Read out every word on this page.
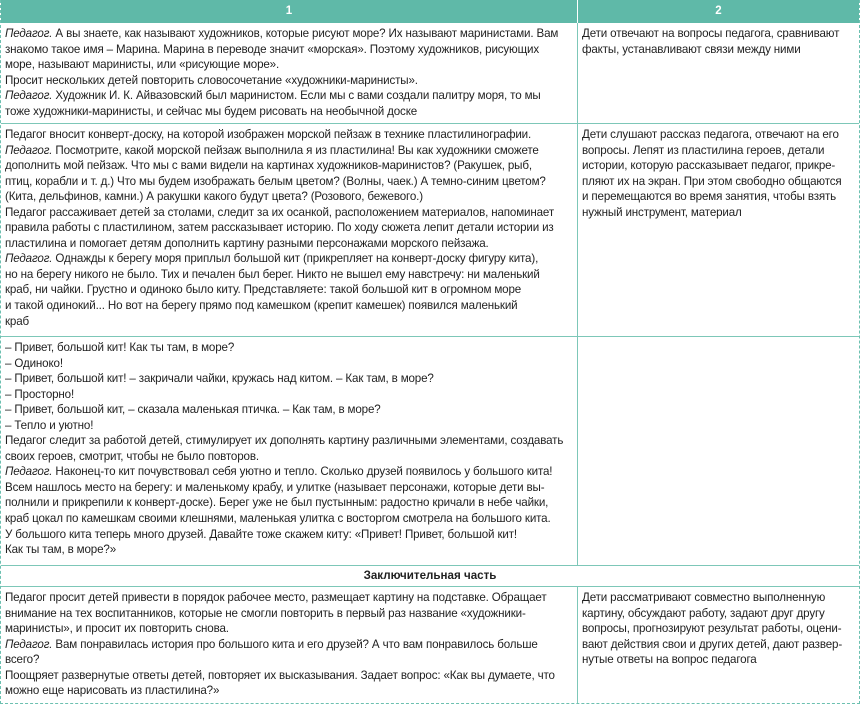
1	2
Педагог. А вы знаете, как называют художников, которые рисуют море? Их называют маринистами. Вам
знакомо такое имя – Марина. Марина в переводе значит «морская». Поэтому художников, рисующих
море, называют маринисты, или «рисующие море».
Просит нескольких детей повторить словосочетание «художники-маринисты».
Педагог. Художник И. К. Айвазовский был маринистом. Если мы с вами создали палитру моря, то мы
тоже художники-маринисты, и сейчас мы будем рисовать на необычной доске
Дети отвечают на вопросы педагога, сравнивают
факты, устанавливают связи между ними
Педагог вносит конверт-доску, на которой изображен морской пейзаж в технике пластилинографии.
Педагог. Посмотрите, какой морской пейзаж выполнила я из пластилина! Вы как художники сможете
дополнить мой пейзаж. Что мы с вами видели на картинах художников-маринистов? (Ракушек, рыб,
птиц, корабли и т. д.) Что мы будем изображать белым цветом? (Волны, чаек.) А темно-синим цветом?
(Кита, дельфинов, камни.) А ракушки какого будут цвета? (Розового, бежевого.)
Педагог рассаживает детей за столами, следит за их осанкой, расположением материалов, напоминает
правила работы с пластилином, затем рассказывает историю. По ходу сюжета лепит детали истории из
пластилина и помогает детям дополнить картину разными персонажами морского пейзажа.
Педагог. Однажды к берегу моря приплыл большой кит (прикрепляет на конверт-доску фигуру кита),
но на берегу никого не было. Тих и печален был берег. Никто не вышел ему навстречу: ни маленький
краб, ни чайки. Грустно и одиноко было киту. Представляете: такой большой кит в огромном море
и такой одинокий... Но вот на берегу прямо под камешком (крепит камешек) появился маленький
краб
Дети слушают рассказ педагога, отвечают на его
вопросы. Лепят из пластилина героев, детали
истории, которую рассказывает педагог, прикре-
пляют их на экран. При этом свободно общаются
и перемещаются во время занятия, чтобы взять
нужный инструмент, материал
– Привет, большой кит! Как ты там, в море?
– Одиноко!
– Привет, большой кит! – закричали чайки, кружась над китом. – Как там, в море?
– Просторно!
– Привет, большой кит, – сказала маленькая птичка. – Как там, в море?
– Тепло и уютно!
Педагог следит за работой детей, стимулирует их дополнять картину различными элементами, создавать
своих героев, смотрит, чтобы не было повторов.
Педагог. Наконец-то кит почувствовал себя уютно и тепло. Сколько друзей появилось у большого кита!
Всем нашлось место на берегу: и маленькому крабу, и улитке (называет персонажи, которые дети вы-
полнили и прикрепили к конверт-доске). Берег уже не был пустынным: радостно кричали в небе чайки,
краб цокал по камешкам своими клешнями, маленькая улитка с восторгом смотрела на большого кита.
У большого кита теперь много друзей. Давайте тоже скажем киту: «Привет! Привет, большой кит!
Как ты там, в море?»
Заключительная часть
Педагог просит детей привести в порядок рабочее место, размещает картину на подставке. Обращает
внимание на тех воспитанников, которые не смогли повторить в первый раз название «художники-
маринисты», и просит их повторить снова.
Педагог. Вам понравилась история про большого кита и его друзей? А что вам понравилось больше
всего?
Поощряет развернутые ответы детей, повторяет их высказывания. Задает вопрос: «Как вы думаете, что
можно еще нарисовать из пластилина?»
Дети рассматривают совместно выполненную
картину, обсуждают работу, задают друг другу
вопросы, прогнозируют результат работы, оцени-
вают действия свои и других детей, дают развер-
нутые ответы на вопрос педагога
